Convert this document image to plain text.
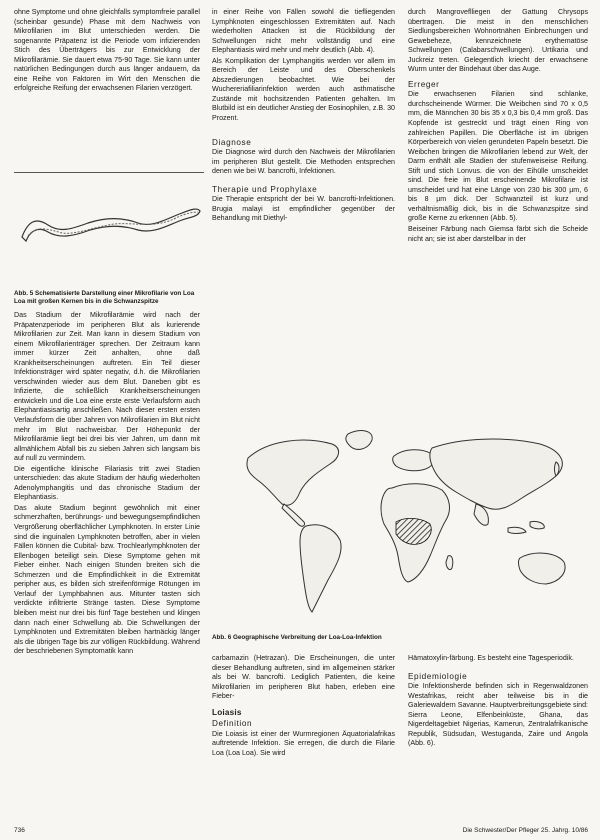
ohne Symptome und ohne gleichfalls symptomfreie parallel (scheinbar gesunde) Phase mit dem Nachweis von Mikrofilarien im Blut unterschieden werden. Die sogenannte Präpatenz ist die Periode vom infizierenden Stich des Überträgers bis zur Entwicklung der Mikrofilarämie. Sie dauert etwa 75-90 Tage. Sie kann unter natürlichen Bedingungen durch aus länger andauern, da eine Reihe von Faktoren im Wirt den Menschen die erfolgreiche Reifung der erwachsenen Filarien verzögert.

Abb. 5 Schematisierte Darstellung einer Mikrofilarie von Loa Loa mit großen Kernen bis in die Schwanzspitze

Das Stadium der Mikrofilarämie wird nach der Präpatenzperiode im peripheren Blut als kurierende Mikrofilarien zur Zeit. Man kann in diesem Stadium von einem Mikrofilarienträger sprechen. Der Zeitraum kann immer kürzer Zeit anhalten, ohne daß Krankheitserscheinungen auftreten. Ein Teil dieser Infektionsträger wird später negativ, d.h. die Mikrofilarien verschwinden wieder aus dem Blut. Daneben gibt es Infizierte, die schließlich Krankheitserscheinungen entwickeln und die Loa eine erste erste Verlaufsform auch Elephantiasisartig anschließen. Nach dieser ersten ersten Verlaufsform die über Jahren von Mikrofilarien im Blut nicht mehr im Blut nachweisbar. Der Höhepunkt der Mikrofilarämie liegt bei drei bis vier Jahren, um dann mit allmählichem Abfall bis zu sieben Jahren sich langsam bis auf null zu vermindern.

Die eigentliche klinische Filariasis tritt zwei Stadien unterschieden: das akute Stadium der häufig wiederholten Adenolymphangitis und das chronische Stadium der Elephantiasis.

Das akute Stadium beginnt gewöhnlich mit einer schmerzhaften, berührungs- und bewegungsempfindlichen Vergrößerung oberflächlicher Lymphknoten. In erster Linie sind die inguinalen Lymphknoten betroffen, aber in vielen Fällen können die Cubital- bzw. Trochlearlymphknoten der Ellenbogen beteiligt sein. Diese Symptome gehen mit Fieber einher. Nach einigen Stunden breiten sich die Schmerzen und die Empfindlichkeit in die Extremität peripher aus, es bilden sich streifenförmige Rötungen im Verlauf der Lymphbahnen aus. Mitunter tasten sich verdickte infiltrierte Stränge tasten. Diese Symptome bleiben meist nur drei bis fünf Tage bestehen und klingen dann nach einer Schwellung ab. Die Schwellungen der Lymphknoten und Extremitäten bleiben hartnäckig länger als die übrigen Tage bis zur völligen Rückbildung. Während der beschriebenen Symptomatik kann

in einer Reihe von Fällen sowohl die tiefliegenden Lymphknoten eingeschlossen Extremitäten auf. Nach wiederholten Attacken ist die Rückbildung der Schwellungen nicht mehr vollständig und eine Elephantiasis wird mehr und mehr deutlich (Abb. 4).

Als Komplikation der Lymphangitis werden vor allem im Bereich der Leiste und des Oberschenkels Abszedierungen beobachtet. Wie bei der Wuchereriafiliarinfektion werden auch asthmatische Zustände mit hochsitzenden Patienten gehalten. Im Blutbild ist ein deutlicher Anstieg der Eosinophilen, z.B. 30 Prozent.

Diagnose

Die Diagnose wird durch den Nachweis der Mikrofilarien im peripheren Blut gestellt. Die Methoden entsprechen denen wie bei W. bancrofti, Infektionen.

Therapie und Prophylaxe

Die Therapie entspricht der bei W. bancrofti-Infektionen. Brugia malayi ist empfindlicher gegenüber der Behandlung mit Diethyl-

durch Mangroveflliegen der Gattung Chrysops übertragen. Die meist in den menschlichen Siedlungsbereichen Wohnortnähen Einbrechungen und Gewebeheze, kennzeichnete erythematöse Schwellungen (Calabarschwellungen). Urtikaria und Juckreiz treten. Gelegentlich kriecht der erwachsene Wurm unter der Bindehaut über das Auge.

Erreger

Die erwachsenen Filarien sind schlanke, durchscheinende Würmer. Die Weibchen sind 70 x 0,5 mm, die Männchen 30 bis 35 x 0,3 bis 0,4 mm groß. Das Kopfende ist gestreckt und trägt einen Ring von zahlreichen Papillen. Die Oberfläche ist im übrigen Körperbereich von vielen gerundeten Papeln besetzt. Die Weibchen bringen die Mikrofilarien lebend zur Welt, der Darm enthält alle Stadien der stufenweiseise Reifung. Stift und stich Lonvus. die von der Eihülle umscheidet sind. Die freie im Blut erscheinende Mikrofilarie ist umscheidet und hat eine Länge von 230 bis 300 µm, 6 bis 8 µm dick. Der Schwanzteil ist kurz und verhältnismäßig dick, bis in die Schwanzspitze sind große Kerne zu erkennen (Abb. 5).

Beiseiner Färbung nach Giemsa färbt sich die Scheide nicht an; sie ist aber darstellbar in der

Abb. 6 Geographische Verbreitung der Loa-Loa-Infektion

carbamazin (Hetrazan). Die Erscheinungen, die unter dieser Behandlung auftreten, sind im allgemeinen stärker als bei W. bancrofti. Lediglich Patienten, die keine Mikrofilarien im peripheren Blut haben, erleben eine Fieber-

Loiasis
Definition

Die Loiasis ist einer der Wurmregionen Äquatorialafrikas auftretende Infektion. Sie erregen, die durch die Filarie Loa (Loa Loa). Sie wird

Hämatoxylin-färbung. Es besteht eine Tagesperiodik.

Epidemiologie

Die Infektionsherde befinden sich in Regenwaldzonen Westafrikas, reicht aber teilweise bis in die Galeriewaldern Savanne. Hauptverbreitungsgebiete sind: Sierra Leone, Elfenbeinküste, Ghana, das Nigerdeltagebiet Nigerias, Kamerun, Zentralafrikanische Republik, Südsudan, Westuganda, Zaire und Angola (Abb. 6).

736	Die Schwester/Der Pfleger 25. Jahrg. 10/86
